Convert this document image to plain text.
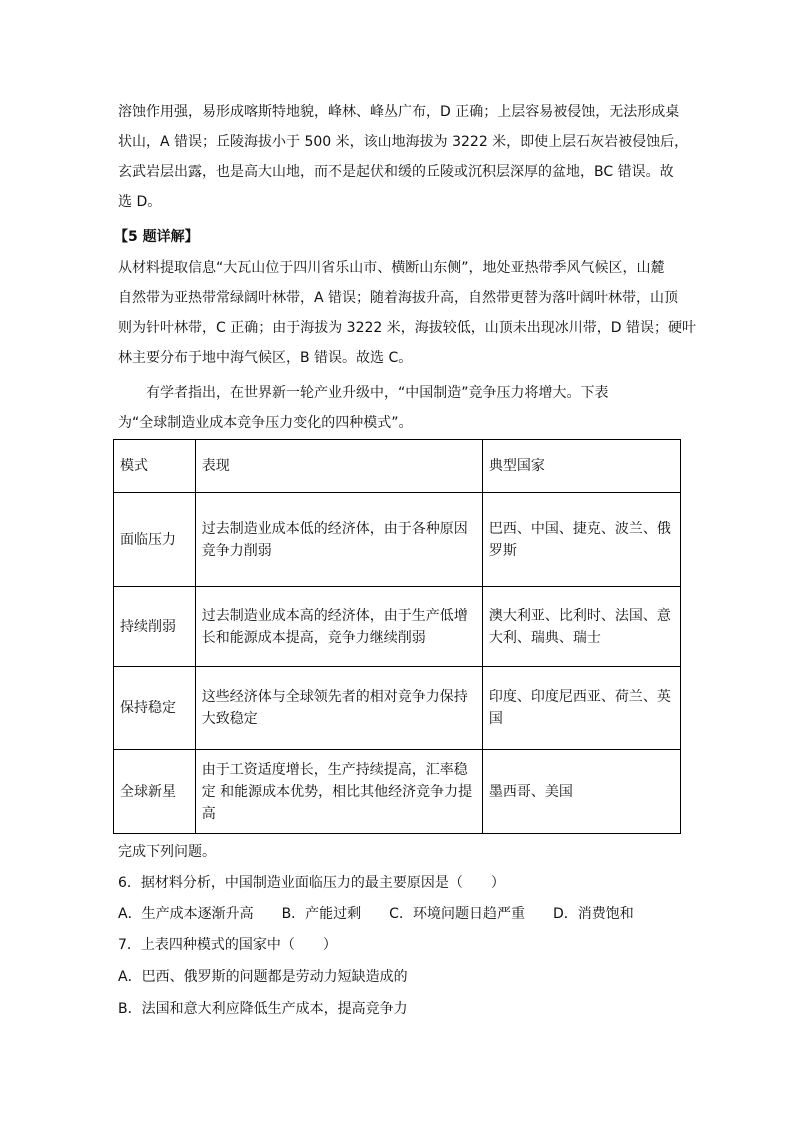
溶蚀作用强，易形成喀斯特地貌，峰林、峰丛广布，D 正确；上层容易被侵蚀，无法形成桌
状山，A 错误；丘陵海拔小于 500 米，该山地海拔为 3222 米，即使上层石灰岩被侵蚀后，
玄武岩层出露，也是高大山地，而不是起伏和缓的丘陵或沉积层深厚的盆地，BC 错误。故
选 D。
【5 题详解】
从材料提取信息“大瓦山位于四川省乐山市、横断山东侧”，地处亚热带季风气候区，山麓
自然带为亚热带常绿阔叶林带，A 错误；随着海拔升高，自然带更替为落叶阔叶林带，山顶
则为针叶林带，C 正确；由于海拔为 3222 米，海拔较低，山顶未出现冰川带，D 错误；硬叶
林主要分布于地中海气候区，B 错误。故选 C。
有学者指出，在世界新一轮产业升级中，“中国制造”竞争压力将增大。下表
为“全球制造业成本竞争压力变化的四种模式”。
模式	表现	典型国家
面临压力	过去制造业成本低的经济体，由于各种原因竞争力削弱	巴西、中国、捷克、波兰、俄罗斯
持续削弱	过去制造业成本高的经济体，由于生产低增长和能源成本提高，竞争力继续削弱	澳大利亚、比利时、法国、意大利、瑞典、瑞士
保持稳定	这些经济体与全球领先者的相对竞争力保持大致稳定	印度、印度尼西亚、荷兰、英国
全球新星	由于工资适度增长，生产持续提高，汇率稳定 和能源成本优势，相比其他经济竞争力提高	墨西哥、美国
完成下列问题。
6．据材料分析，中国制造业面临压力的最主要原因是（　　）
A．生产成本逐渐升高　　B．产能过剩　　C．环境问题日趋严重　　D．消费饱和
7．上表四种模式的国家中（　　）
A．巴西、俄罗斯的问题都是劳动力短缺造成的
B．法国和意大利应降低生产成本，提高竞争力
